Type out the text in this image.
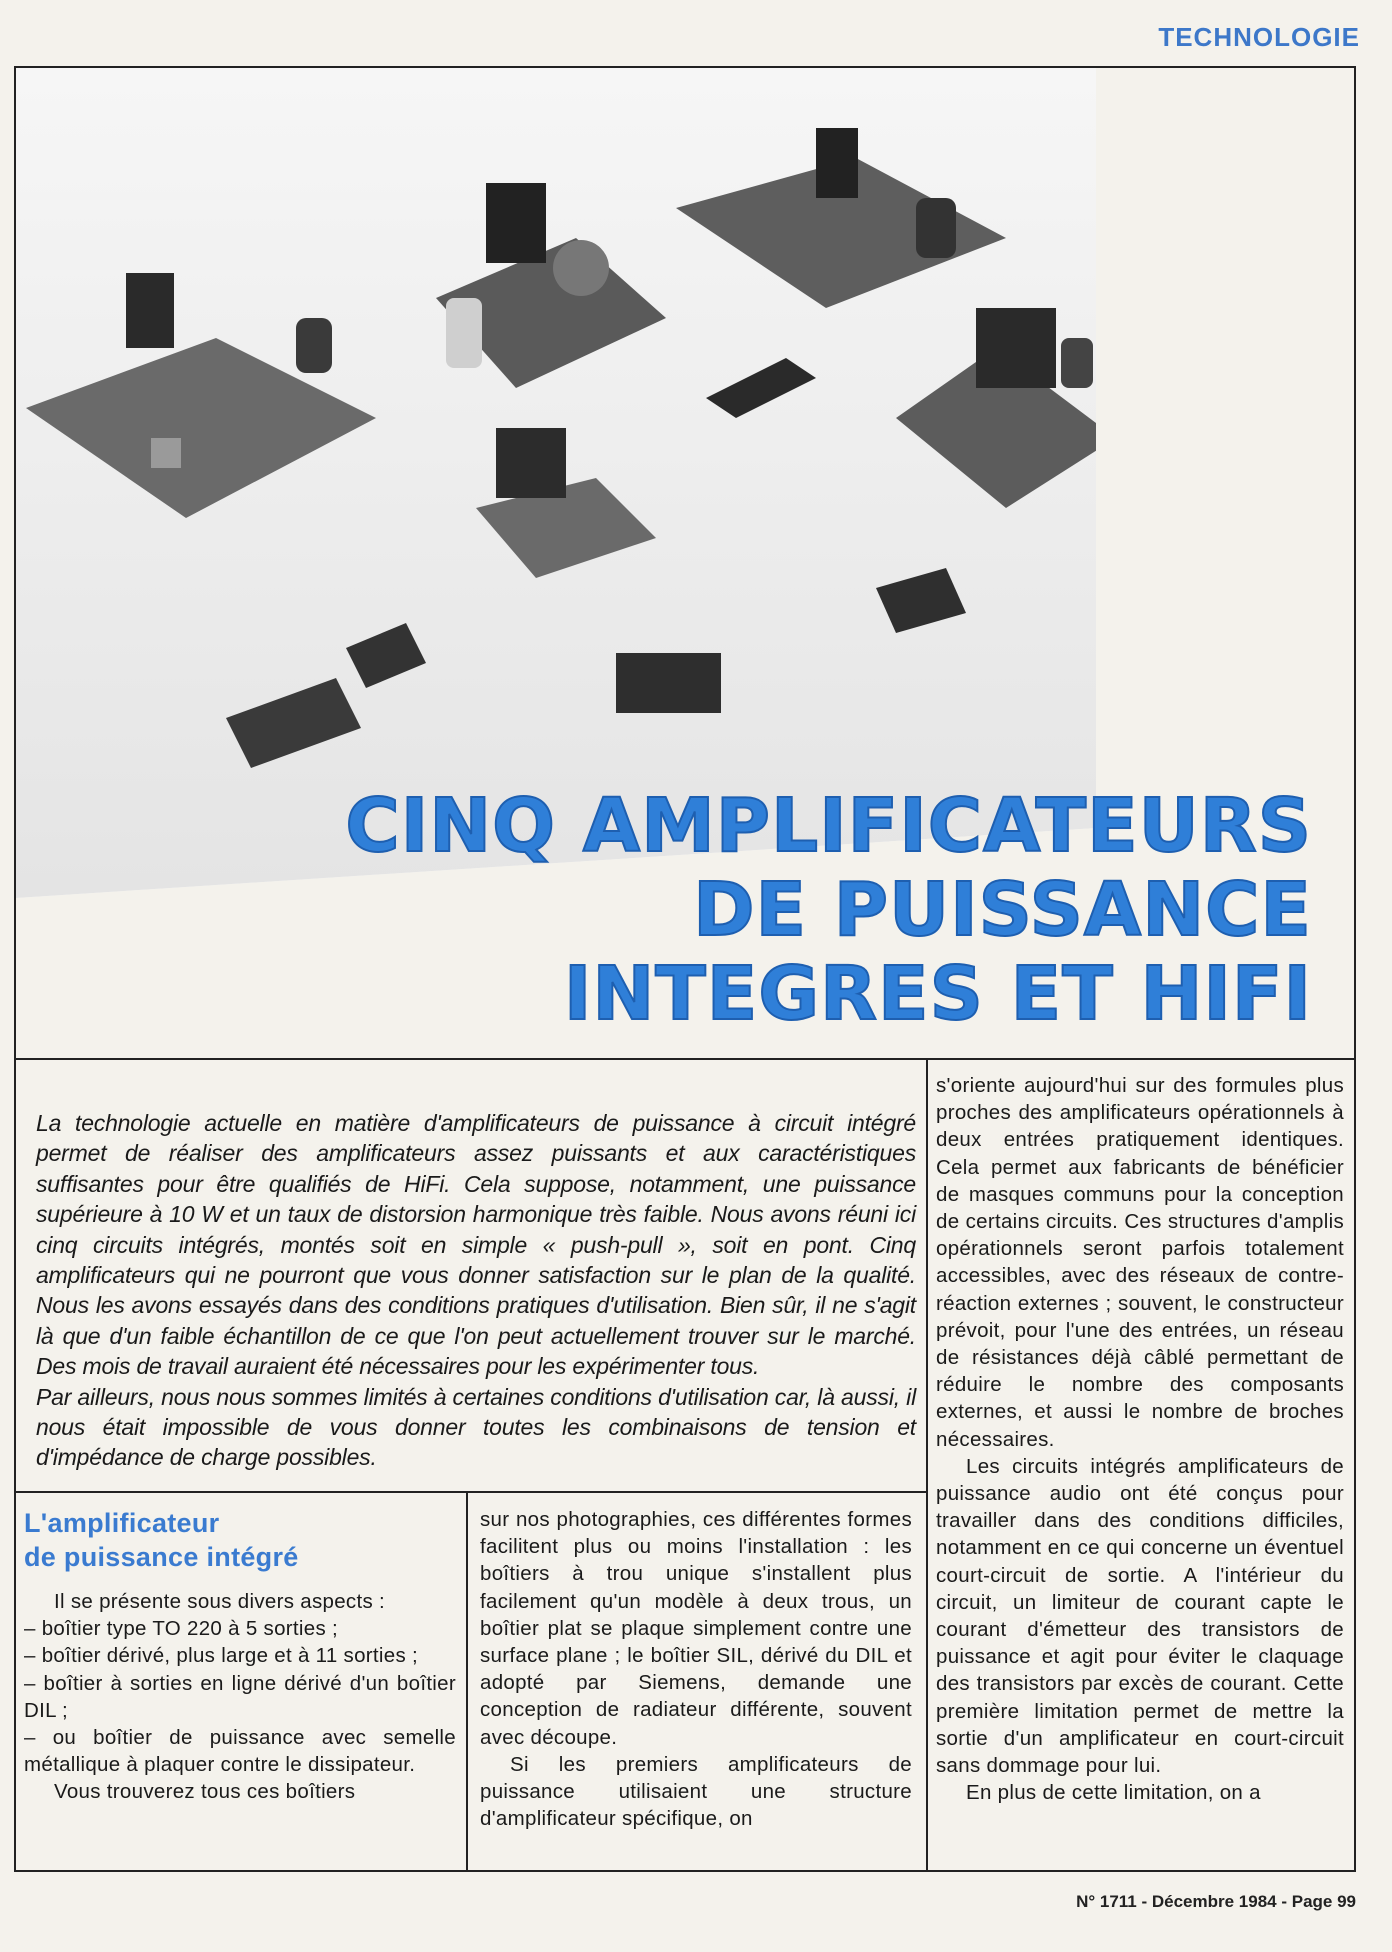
TECHNOLOGIE
CINQ AMPLIFICATEURS
DE PUISSANCE
INTEGRES ET HIFI

La technologie actuelle en matière d'amplificateurs de puissance à circuit intégré permet de réaliser des amplificateurs assez puissants et aux caractéristiques suffisantes pour être qualifiés de HiFi. Cela suppose, notamment, une puissance supérieure à 10 W et un taux de distorsion harmonique très faible. Nous avons réuni ici cinq circuits intégrés, montés soit en simple « push-pull », soit en pont. Cinq amplificateurs qui ne pourront que vous donner satisfaction sur le plan de la qualité. Nous les avons essayés dans des conditions pratiques d'utilisation. Bien sûr, il ne s'agit là que d'un faible échantillon de ce que l'on peut actuellement trouver sur le marché. Des mois de travail auraient été nécessaires pour les expérimenter tous.

Par ailleurs, nous nous sommes limités à certaines conditions d'utilisation car, là aussi, il nous était impossible de vous donner toutes les combinaisons de tension et d'impédance de charge possibles.

L'amplificateur
de puissance intégré

Il se présente sous divers aspects :

– boîtier type TO 220 à 5 sorties ;

– boîtier dérivé, plus large et à 11 sorties ;

– boîtier à sorties en ligne dérivé d'un boîtier DIL ;

– ou boîtier de puissance avec semelle métallique à plaquer contre le dissipateur.

Vous trouverez tous ces boîtiers

sur nos photographies, ces différentes formes facilitent plus ou moins l'installation : les boîtiers à trou unique s'installent plus facilement qu'un modèle à deux trous, un boîtier plat se plaque simplement contre une surface plane ; le boîtier SIL, dérivé du DIL et adopté par Siemens, demande une conception de radiateur différente, souvent avec découpe.

Si les premiers amplificateurs de puissance utilisaient une structure d'amplificateur spécifique, on

s'oriente aujourd'hui sur des formules plus proches des amplificateurs opérationnels à deux entrées pratiquement identiques. Cela permet aux fabricants de bénéficier de masques communs pour la conception de certains circuits. Ces structures d'amplis opérationnels seront parfois totalement accessibles, avec des réseaux de contre-réaction externes ; souvent, le constructeur prévoit, pour l'une des entrées, un réseau de résistances déjà câblé permettant de réduire le nombre des composants externes, et aussi le nombre de broches nécessaires.

Les circuits intégrés amplificateurs de puissance audio ont été conçus pour travailler dans des conditions difficiles, notamment en ce qui concerne un éventuel court-circuit de sortie. A l'intérieur du circuit, un limiteur de courant capte le courant d'émetteur des transistors de puissance et agit pour éviter le claquage des transistors par excès de courant. Cette première limitation permet de mettre la sortie d'un amplificateur en court-circuit sans dommage pour lui.

En plus de cette limitation, on a

N° 1711 - Décembre 1984 - Page 99
